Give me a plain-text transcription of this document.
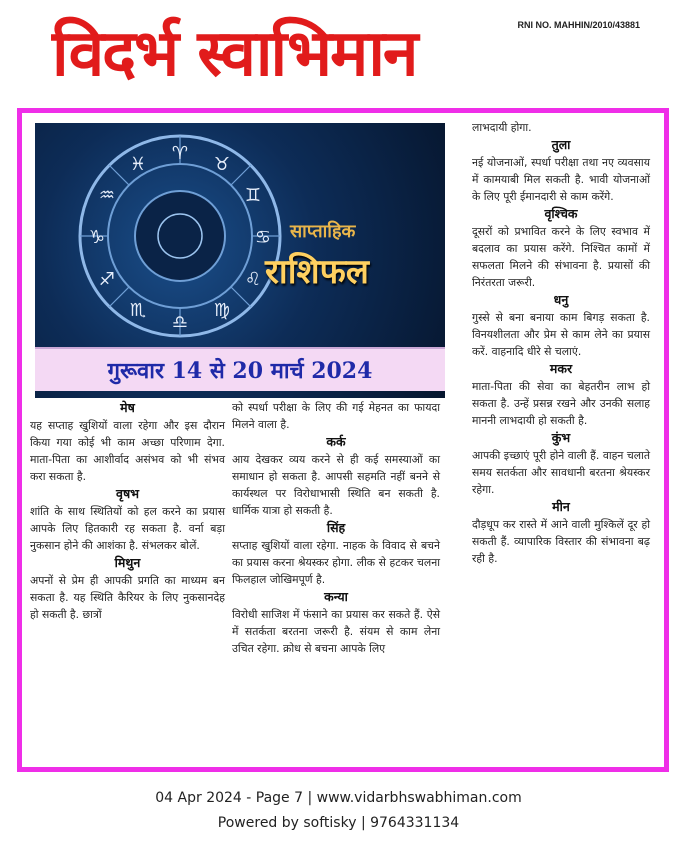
विदर्भ स्वाभिमान	RNI NO. MAHHIN/2010/43881
♈
♉
♊
♋
♌
♍
♎
♏
♐
♑
♒
♓
साप्ताहिक
राशिफल
गुरूवार 14 से 20 मार्च 2024
मेष

यह सप्ताह खुशियों वाला रहेगा और इस दौरान किया गया कोई भी काम अच्छा परिणाम देगा. माता-पिता का आशीर्वाद असंभव को भी संभव करा सकता है.

वृषभ

शांति के साथ स्थितियों को हल करने का प्रयास आपके लिए हितकारी रह सकता है. वर्ना बड़ा नुकसान होने की आशंका है. संभलकर बोलें.

मिथुन

अपनों से प्रेम ही आपकी प्रगति का माध्यम बन सकता है. यह स्थिति कैरियर के लिए नुकसानदेह हो सकती है. छात्रों

को स्पर्धा परीक्षा के लिए की गई मेहनत का फायदा मिलने वाला है.

कर्क

आय देखकर व्यय करने से ही कई समस्याओं का समाधान हो सकता है. आपसी सहमति नहीं बनने से कार्यस्थल पर विरोधाभासी स्थिति बन सकती है. धार्मिक यात्रा हो सकती है.

सिंह

सप्ताह खुशियों वाला रहेगा. नाहक के विवाद से बचने का प्रयास करना श्रेयस्कर होगा. लीक से हटकर चलना फिलहाल जोखिमपूर्ण है.

कन्या

विरोधी साजिश में फंसाने का प्रयास कर सकते हैं. ऐसे में सतर्कता बरतना जरूरी है. संयम से काम लेना उचित रहेगा. क्रोध से बचना आपके लिए

लाभदायी होगा.

तुला

नई योजनाओं, स्पर्धा परीक्षा तथा नए व्यवसाय में कामयाबी मिल सकती है. भावी योजनाओं के लिए पूरी ईमानदारी से काम करेंगे.

वृश्चिक

दूसरों को प्रभावित करने के लिए स्वभाव में बदलाव का प्रयास करेंगे. निश्चित कामों में सफलता मिलने की संभावना है. प्रयासों की निरंतरता जरूरी.

धनु

गुस्से से बना बनाया काम बिगड़ सकता है. विनयशीलता और प्रेम से काम लेने का प्रयास करें. वाहनादि धीरे से चलाएं.

मकर

माता-पिता की सेवा का बेहतरीन लाभ हो सकता है. उन्हें प्रसन्न रखने और उनकी सलाह माननी लाभदायी हो सकती है.

कुंभ

आपकी इच्छाएं पूरी होने वाली हैं. वाहन चलाते समय सतर्कता और सावधानी बरतना श्रेयस्कर रहेगा.

मीन

दौड़धूप कर रास्ते में आने वाली मुश्किलें दूर हो सकती हैं. व्यापारिक विस्तार की संभावना बढ़ रही है.

04 Apr 2024 - Page 7 | www.vidarbhswabhiman.com
Powered by softisky | 9764331134
